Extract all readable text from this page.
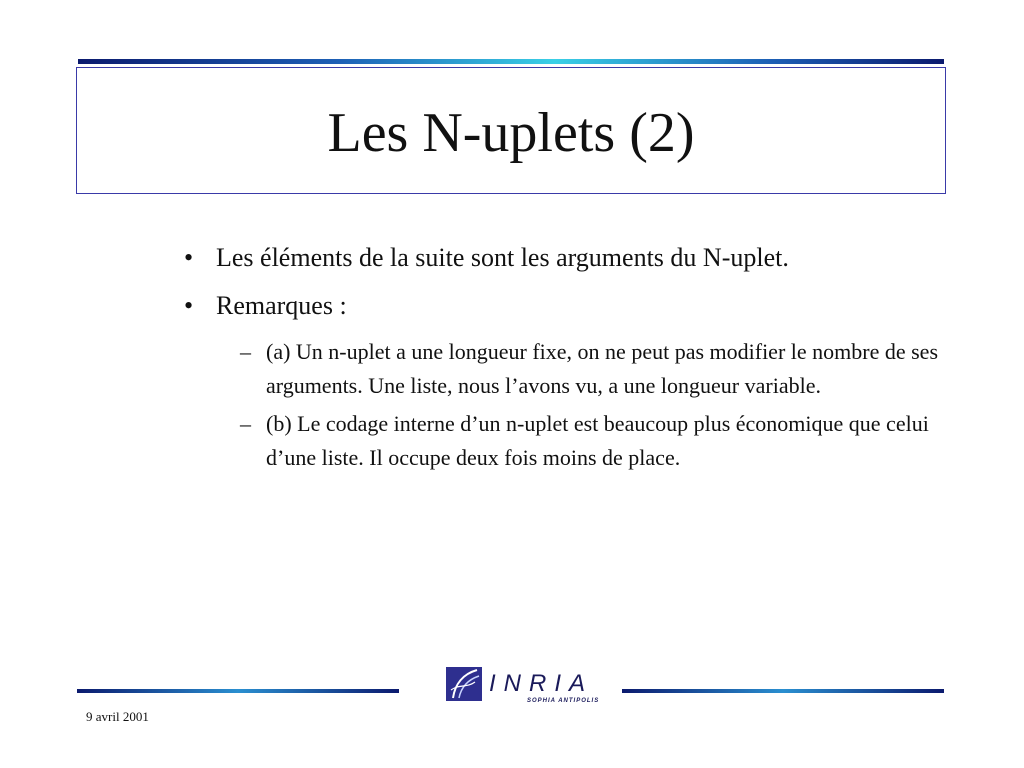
Les N-uplets (2)
• Les éléments de la suite sont les arguments du N-uplet.
• Remarques :
– (a) Un n-uplet a une longueur fixe, on ne peut pas modifier le nombre de ses arguments. Une liste, nous l’avons vu, a une longueur variable.
– (b) Le codage interne d’un n-uplet est beaucoup plus économique que celui d’une liste. Il occupe deux fois moins de place.
INRIA
SOPHIA ANTIPOLIS
9 avril 2001
